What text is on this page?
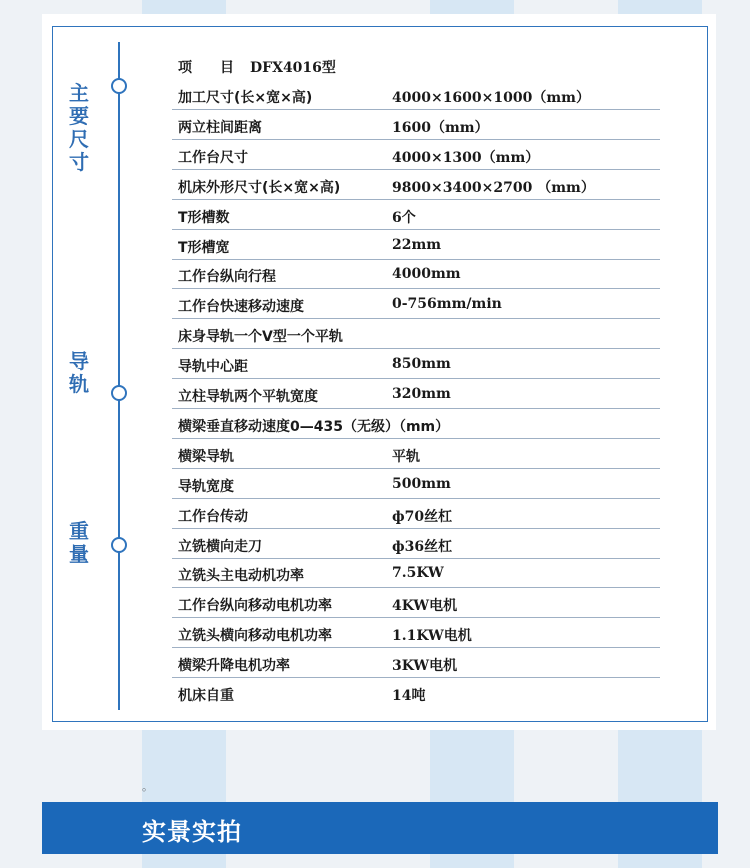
主要尺寸
导轨
重量
项　　目 DFX4016型
加工尺寸(长×宽×高)	4000×1600×1000（mm）
两立柱间距离	1600（mm）
工作台尺寸	4000×1300（mm）
机床外形尺寸(长×宽×高)	9800×3400×2700 （mm）
T形槽数	6个
T形槽宽	22mm
工作台纵向行程	4000mm
工作台快速移动速度	0-756mm/min
床身导轨一个V型一个平轨
导轨中心距	850mm
立柱导轨两个平轨宽度	320mm
横梁垂直移动速度0—435（无级）（mm）
横梁导轨	平轨
导轨宽度	500mm
工作台传动	ф70丝杠
立铣横向走刀	ф36丝杠
立铣头主电动机功率	7.5KW
工作台纵向移动电机功率	4KW电机
立铣头横向移动电机功率	1.1KW电机
横梁升降电机功率	3KW电机
机床自重	14吨
。
实景实拍
